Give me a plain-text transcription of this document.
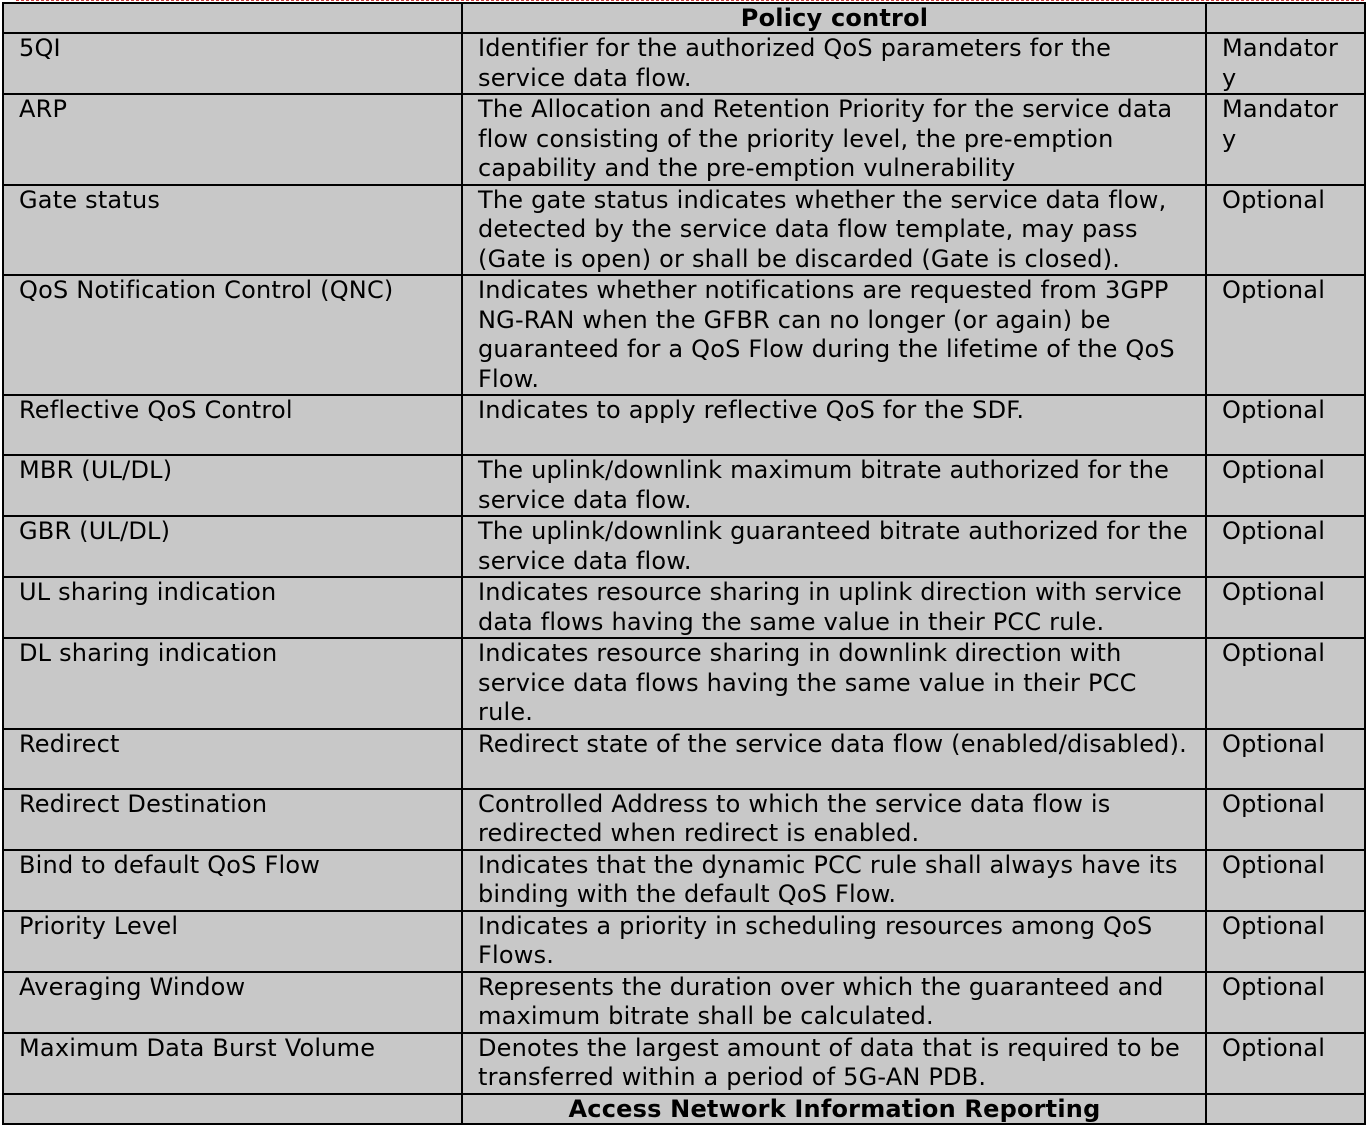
	Policy control	
5QI	Identifier for the authorized QoS parameters for the service data flow.	Mandatory
ARP	The Allocation and Retention Priority for the service data flow consisting of the priority level, the pre-emption capability and the pre-emption vulnerability	Mandatory
Gate status	The gate status indicates whether the service data flow, detected by the service data flow template, may pass (Gate is open) or shall be discarded (Gate is closed).	Optional
QoS Notification Control (QNC)	Indicates whether notifications are requested from 3GPP NG-RAN when the GFBR can no longer (or again) be guaranteed for a QoS Flow during the lifetime of the QoS Flow.	Optional
Reflective QoS Control	Indicates to apply reflective QoS for the SDF.	Optional
MBR (UL/DL)	The uplink/downlink maximum bitrate authorized for the service data flow.	Optional
GBR (UL/DL)	The uplink/downlink guaranteed bitrate authorized for the service data flow.	Optional
UL sharing indication	Indicates resource sharing in uplink direction with service data flows having the same value in their PCC rule.	Optional
DL sharing indication	Indicates resource sharing in downlink direction with service data flows having the same value in their PCC rule.	Optional
Redirect	Redirect state of the service data flow (enabled/disabled).	Optional
Redirect Destination	Controlled Address to which the service data flow is redirected when redirect is enabled.	Optional
Bind to default QoS Flow	Indicates that the dynamic PCC rule shall always have its binding with the default QoS Flow.	Optional
Priority Level	Indicates a priority in scheduling resources among QoS Flows.	Optional
Averaging Window	Represents the duration over which the guaranteed and maximum bitrate shall be calculated.	Optional
Maximum Data Burst Volume	Denotes the largest amount of data that is required to be transferred within a period of 5G-AN PDB.	Optional
	Access Network Information Reporting	
